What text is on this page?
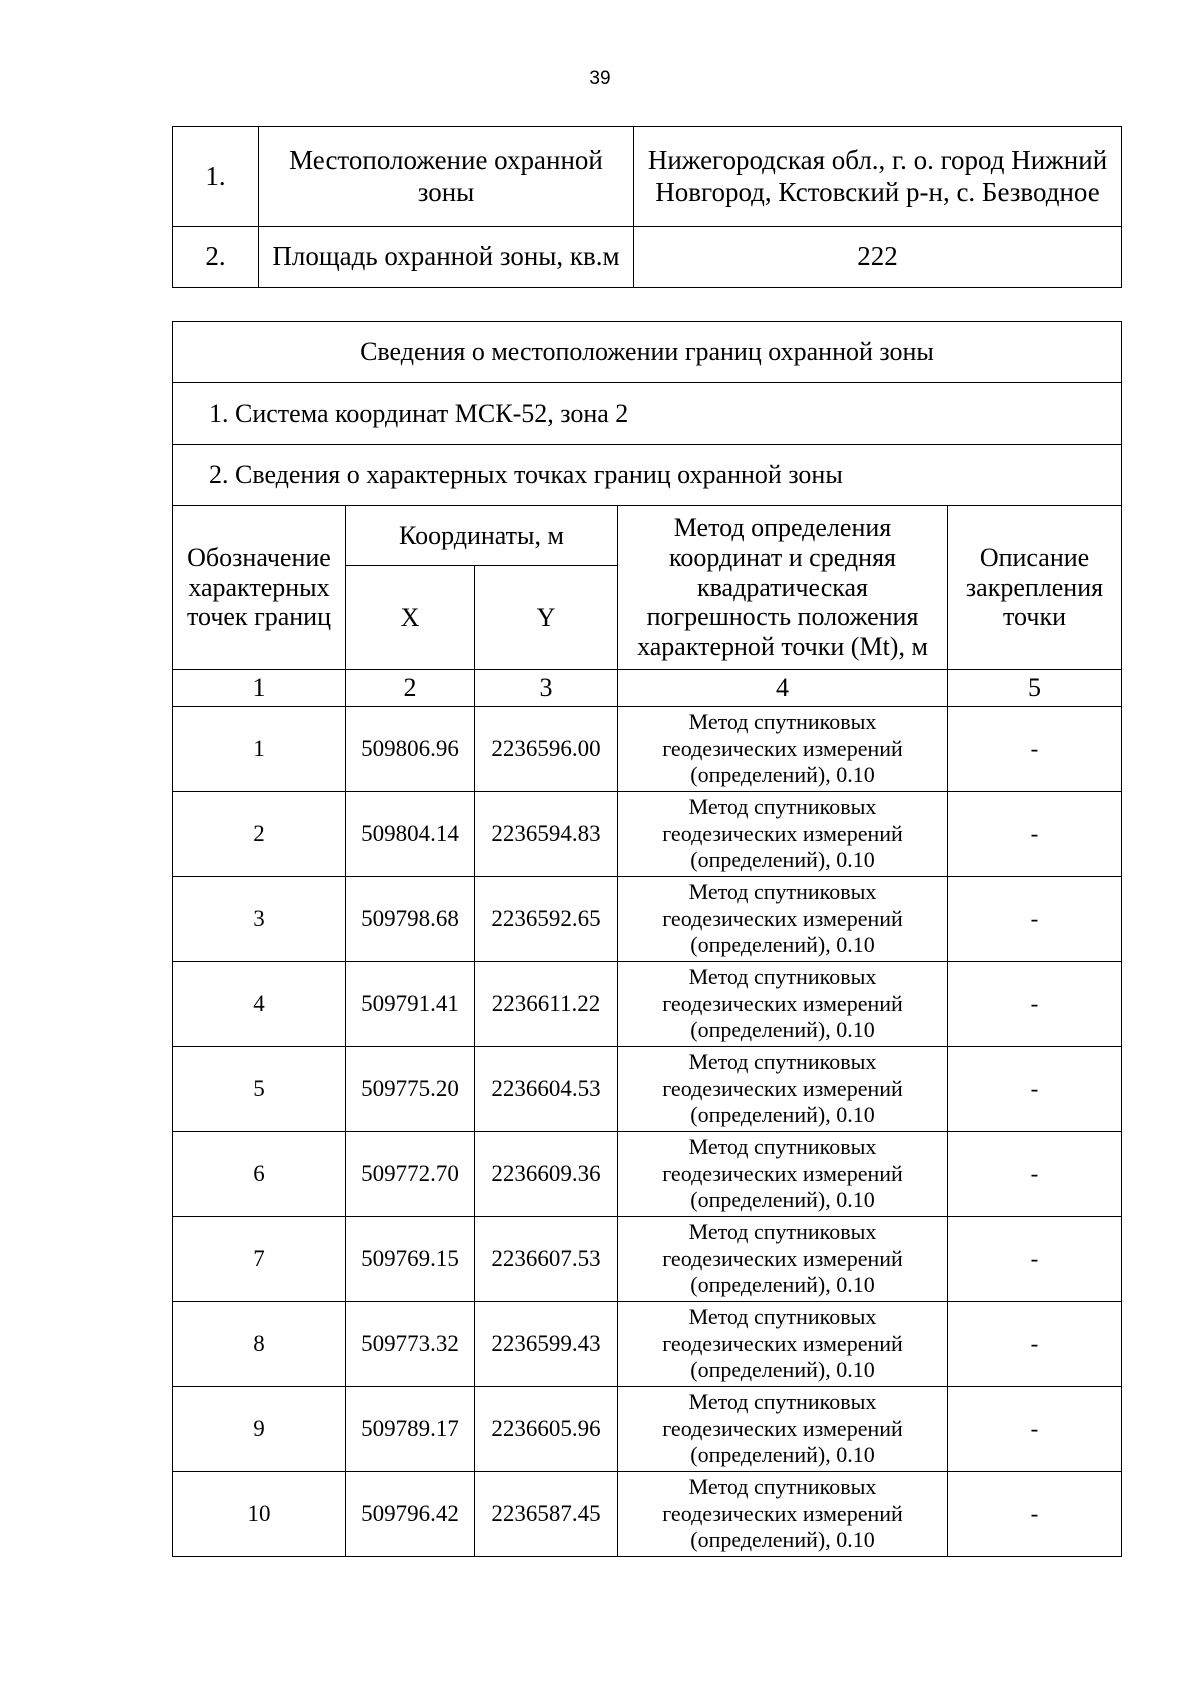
39
1.	Местоположение охранной зоны	Нижегородская обл., г. о. город Нижний Новгород, Кстовский р-н, с. Безводное
2.	Площадь охранной зоны, кв.м	222
Сведения о местоположении границ охранной зоны				
1. Система координат МСК-52, зона 2				
2. Сведения о характерных точках границ охранной зоны				
Обозначение характерных точек границ	Координаты, м		Метод определения координат и средняя квадратическая погрешность положения характерной точки (Mt), м	Описание закрепления точки
	X	Y		
1	2	3	4	5
1	509806.96	2236596.00	Метод спутниковых геодезических измерений (определений), 0.10	-
2	509804.14	2236594.83	Метод спутниковых геодезических измерений (определений), 0.10	-
3	509798.68	2236592.65	Метод спутниковых геодезических измерений (определений), 0.10	-
4	509791.41	2236611.22	Метод спутниковых геодезических измерений (определений), 0.10	-
5	509775.20	2236604.53	Метод спутниковых геодезических измерений (определений), 0.10	-
6	509772.70	2236609.36	Метод спутниковых геодезических измерений (определений), 0.10	-
7	509769.15	2236607.53	Метод спутниковых геодезических измерений (определений), 0.10	-
8	509773.32	2236599.43	Метод спутниковых геодезических измерений (определений), 0.10	-
9	509789.17	2236605.96	Метод спутниковых геодезических измерений (определений), 0.10	-
10	509796.42	2236587.45	Метод спутниковых геодезических измерений (определений), 0.10	-
